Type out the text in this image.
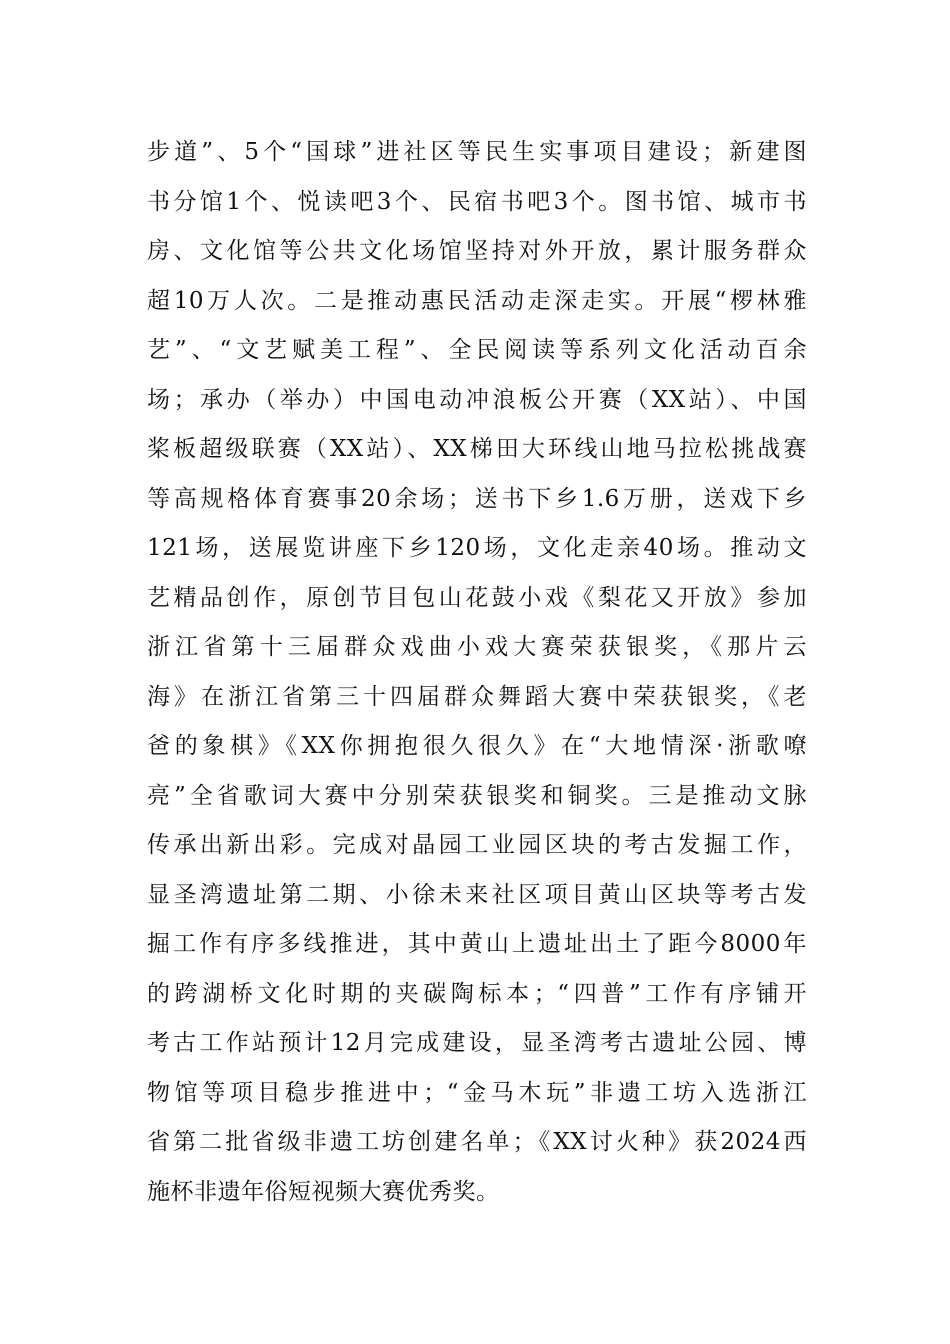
步道”、5个“国球”进社区等民生实事项目建设；新建图
书分馆1个、悦读吧3个、民宿书吧3个。图书馆、城市书
房、文化馆等公共文化场馆坚持对外开放，累计服务群众
超10万人次。二是推动惠民活动走深走实。开展“椤林雅
艺”、“文艺赋美工程”、全民阅读等系列文化活动百余
场；承办（举办）中国电动冲浪板公开赛（XX站）、中国
桨板超级联赛（XX站）、XX梯田大环线山地马拉松挑战赛
等高规格体育赛事20余场；送书下乡1.6万册，送戏下乡
121场，送展览讲座下乡120场，文化走亲40场。推动文
艺精品创作，原创节目包山花鼓小戏《梨花又开放》参加
浙江省第十三届群众戏曲小戏大赛荣获银奖，《那片云
海》在浙江省第三十四届群众舞蹈大赛中荣获银奖，《老
爸的象棋》《XX你拥抱很久很久》在“大地情深·浙歌嘹
亮”全省歌词大赛中分别荣获银奖和铜奖。三是推动文脉
传承出新出彩。完成对晶园工业园区块的考古发掘工作，
显圣湾遗址第二期、小徐未来社区项目黄山区块等考古发
掘工作有序多线推进，其中黄山上遗址出土了距今8000年
的跨湖桥文化时期的夹碳陶标本；“四普”工作有序铺开
考古工作站预计12月完成建设，显圣湾考古遗址公园、博
物馆等项目稳步推进中；“金马木玩”非遗工坊入选浙江
省第二批省级非遗工坊创建名单；《XX讨火种》获2024西
施杯非遗年俗短视频大赛优秀奖。
